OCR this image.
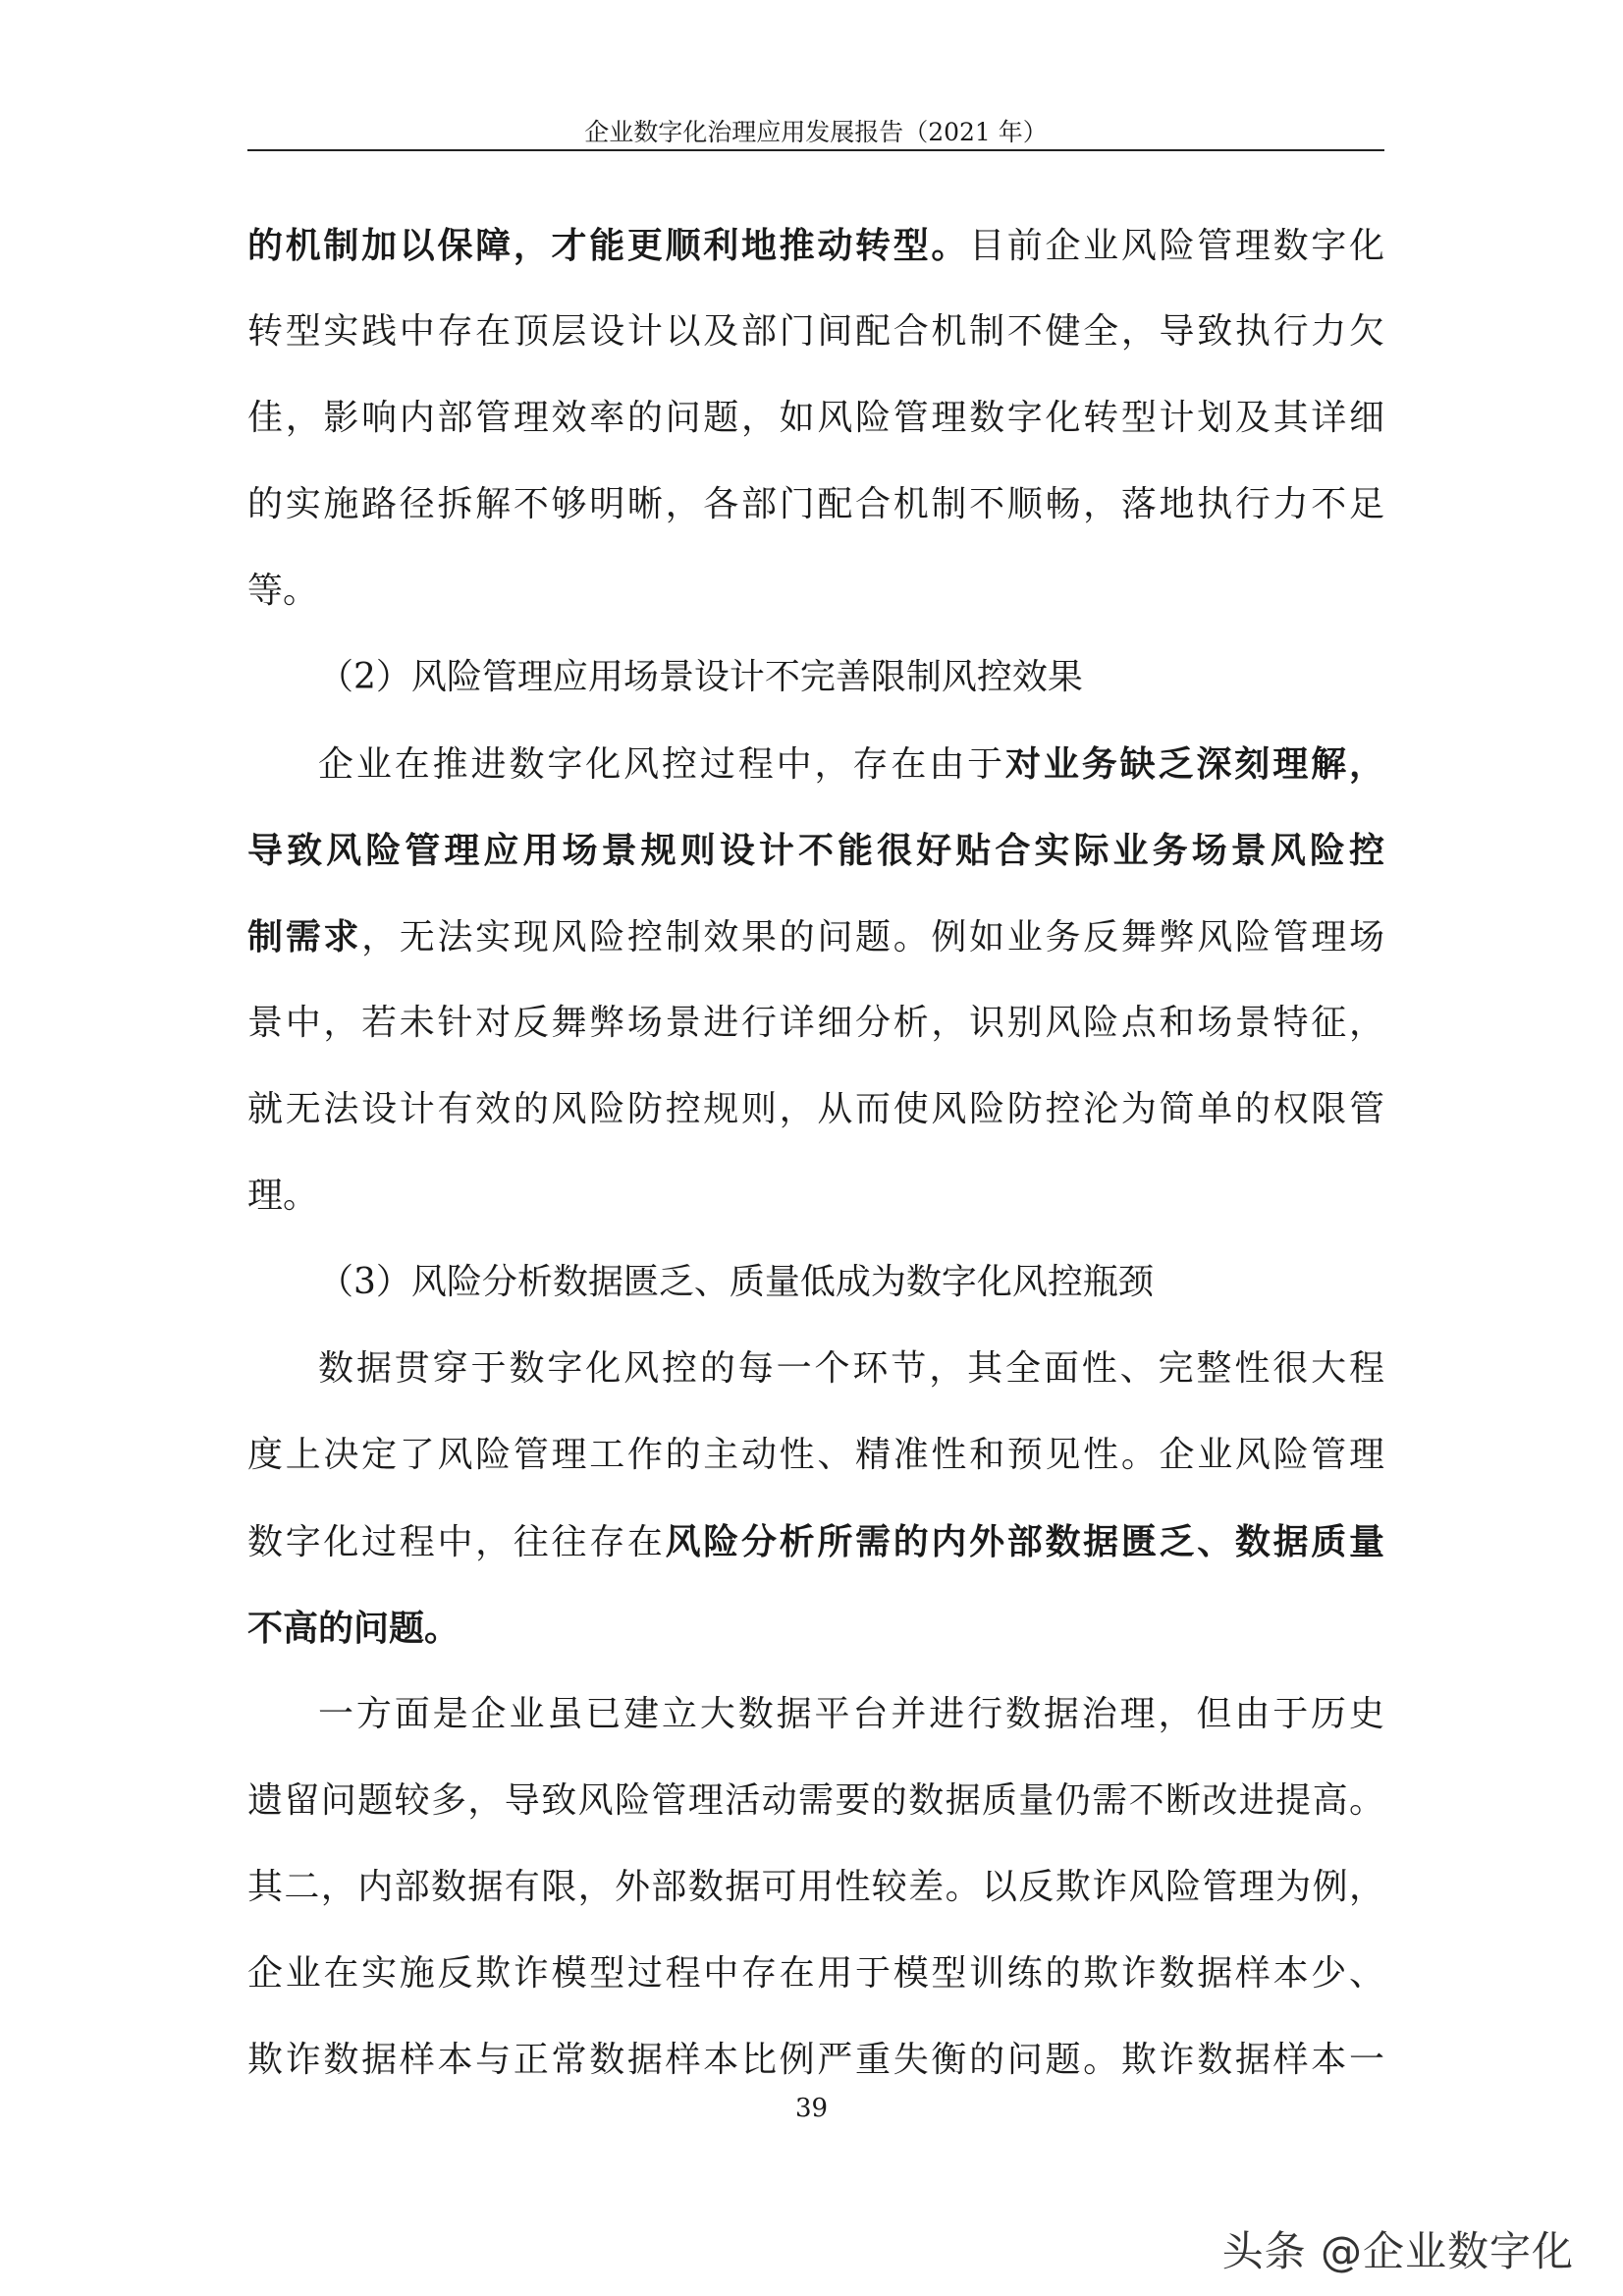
企业数字化治理应用发展报告（2021 年）
的机制加以保障，才能更顺利地推动转型。目前企业风险管理数字化
转型实践中存在顶层设计以及部门间配合机制不健全，导致执行力欠
佳，影响内部管理效率的问题，如风险管理数字化转型计划及其详细
的实施路径拆解不够明晰，各部门配合机制不顺畅，落地执行力不足
等。
（2）风险管理应用场景设计不完善限制风控效果
企业在推进数字化风控过程中，存在由于对业务缺乏深刻理解，
导致风险管理应用场景规则设计不能很好贴合实际业务场景风险控
制需求，无法实现风险控制效果的问题。例如业务反舞弊风险管理场
景中，若未针对反舞弊场景进行详细分析，识别风险点和场景特征，
就无法设计有效的风险防控规则，从而使风险防控沦为简单的权限管
理。
（3）风险分析数据匮乏、质量低成为数字化风控瓶颈
数据贯穿于数字化风控的每一个环节，其全面性、完整性很大程
度上决定了风险管理工作的主动性、精准性和预见性。企业风险管理
数字化过程中，往往存在风险分析所需的内外部数据匮乏、数据质量
不高的问题。
一方面是企业虽已建立大数据平台并进行数据治理，但由于历史
遗留问题较多，导致风险管理活动需要的数据质量仍需不断改进提高。
其二，内部数据有限，外部数据可用性较差。以反欺诈风险管理为例，
企业在实施反欺诈模型过程中存在用于模型训练的欺诈数据样本少、
欺诈数据样本与正常数据样本比例严重失衡的问题。欺诈数据样本一
39
头条 @企业数字化
